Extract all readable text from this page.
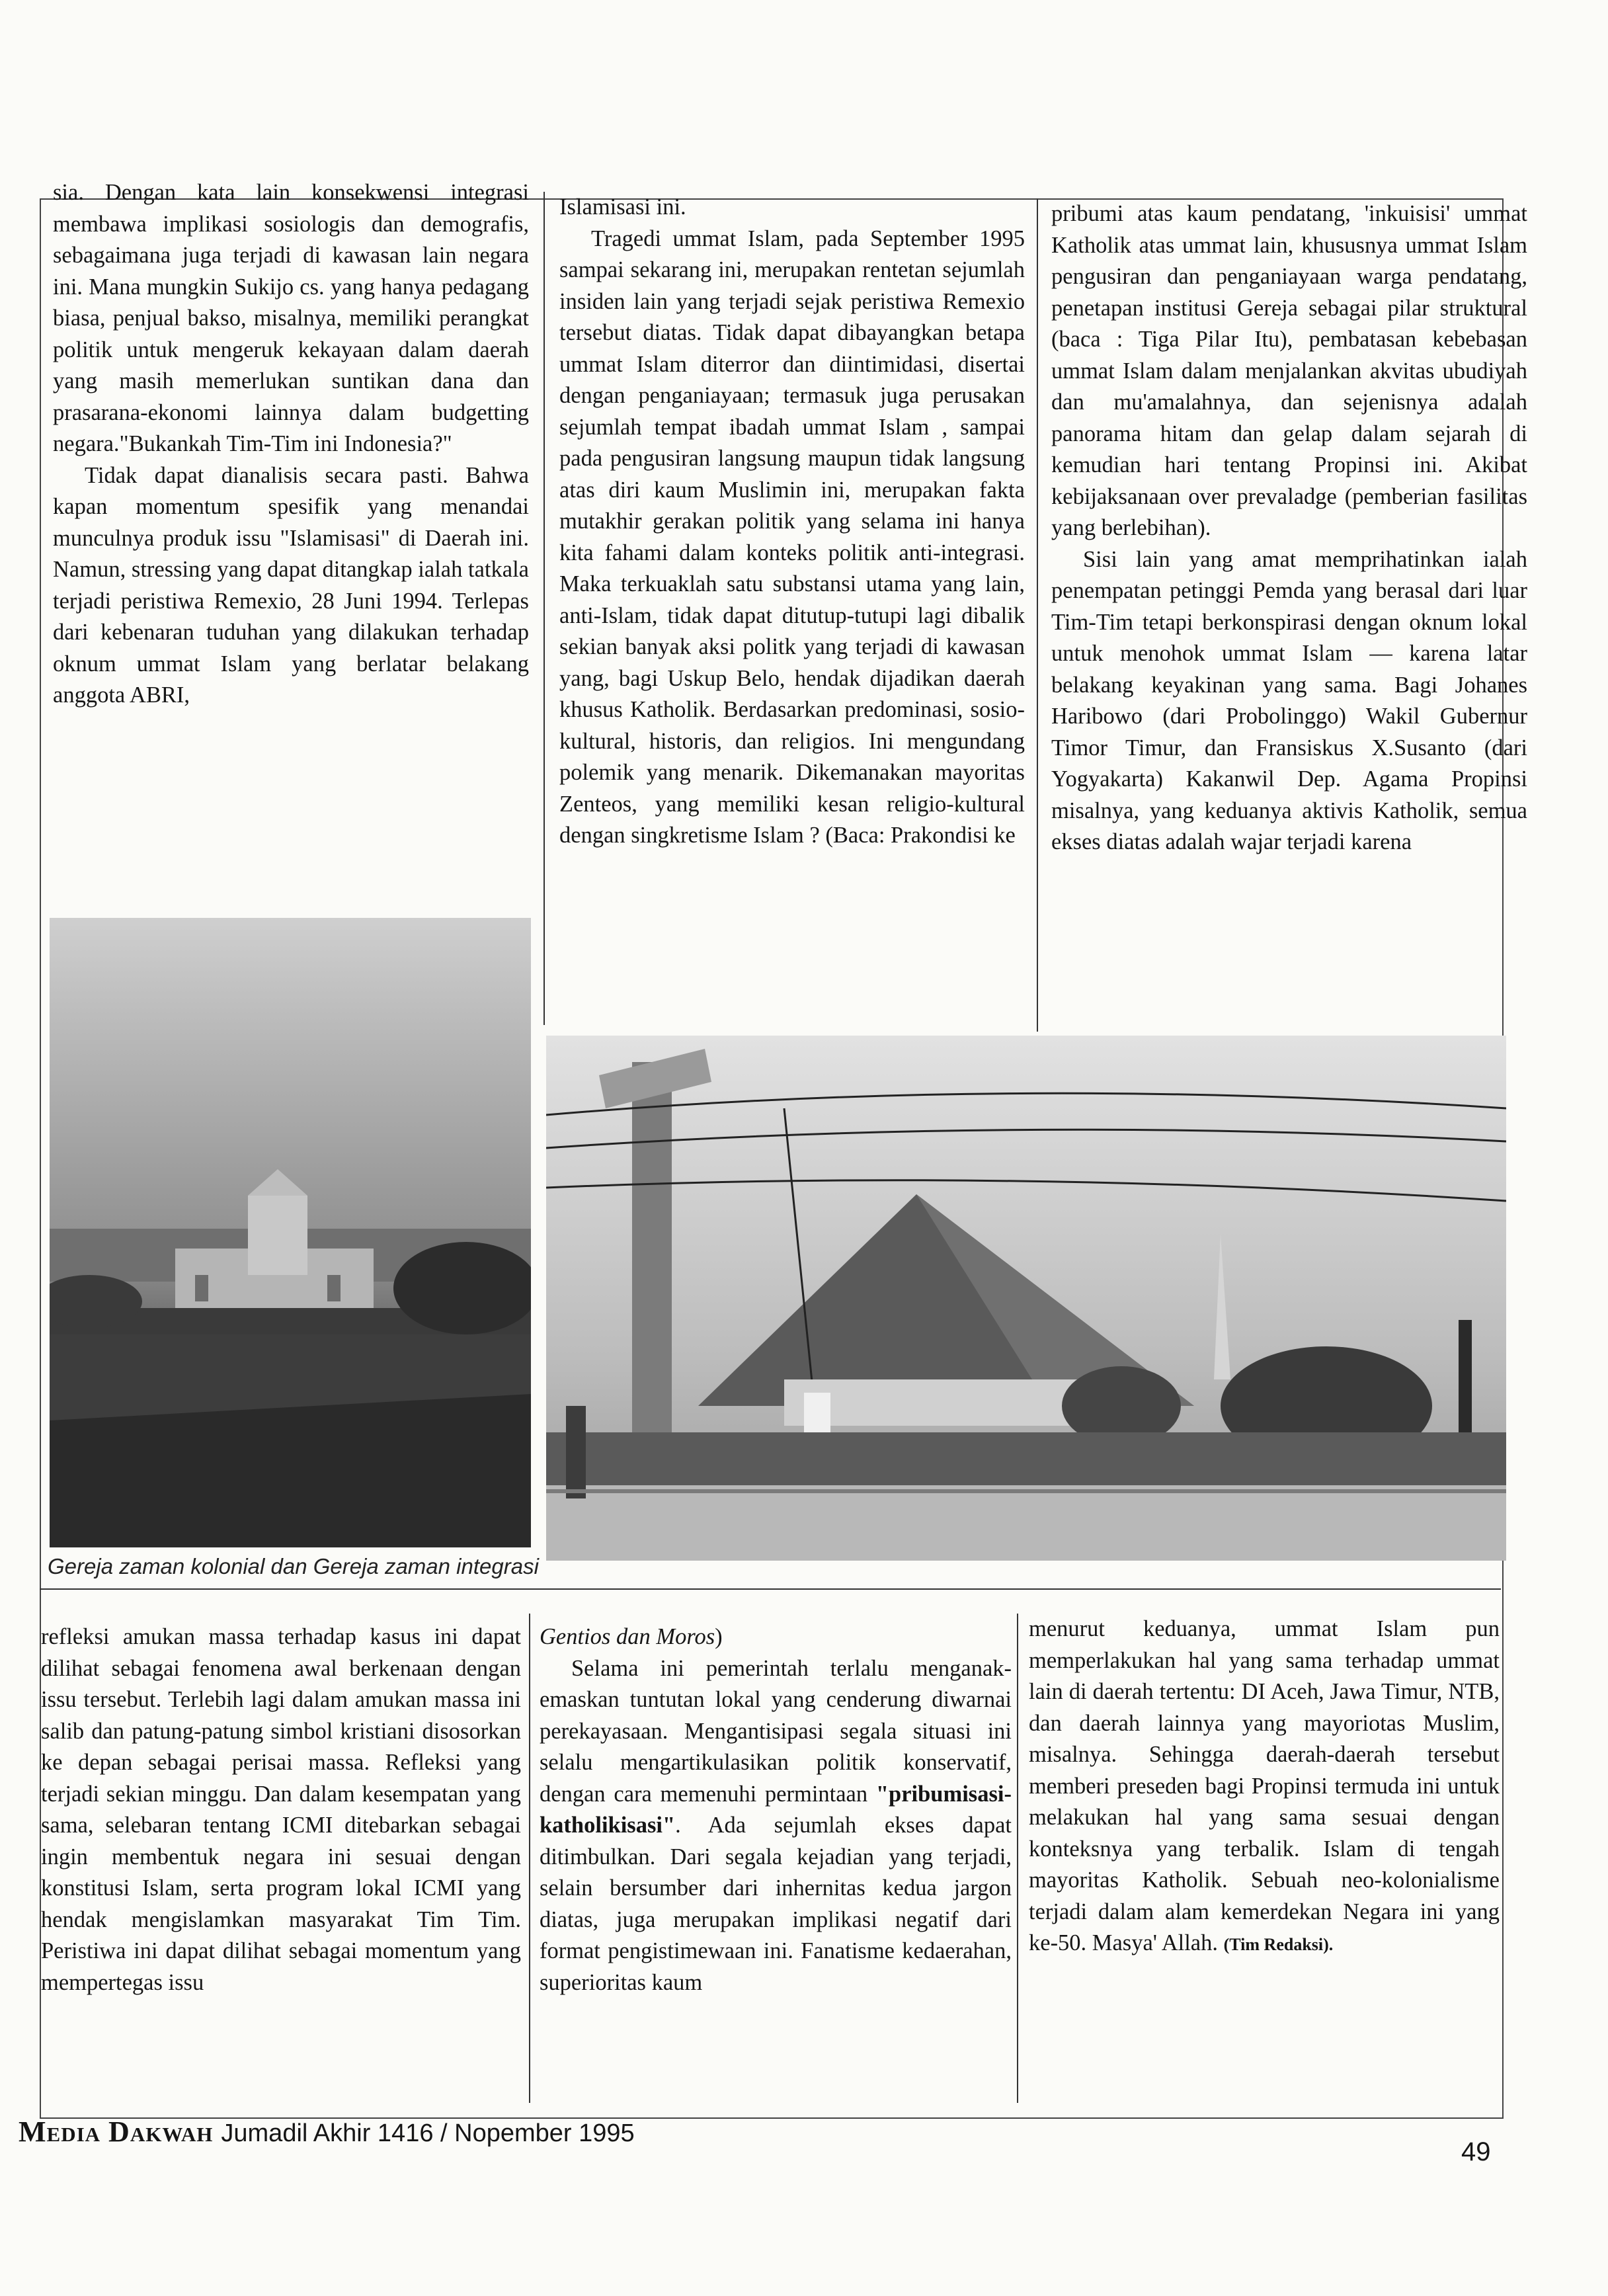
sia. Dengan kata lain konsekwensi integrasi membawa implikasi sosiologis dan demografis, sebagaimana juga terjadi di kawasan lain negara ini. Mana mungkin Sukijo cs. yang hanya pedagang biasa, penjual bakso, misalnya, memiliki perangkat politik untuk mengeruk kekayaan dalam daerah yang masih memerlukan suntikan dana dan prasarana-ekonomi lainnya dalam budgetting negara."Bukankah Tim-Tim ini Indonesia?"

Tidak dapat dianalisis secara pasti. Bahwa kapan momentum spesifik yang menandai munculnya produk issu "Islamisasi" di Daerah ini. Namun, stressing yang dapat ditangkap ialah tatkala terjadi peristiwa Remexio, 28 Juni 1994. Terlepas dari kebenaran tuduhan yang dilakukan terhadap oknum ummat Islam yang berlatar belakang anggota ABRI,

Islamisasi ini.

Tragedi ummat Islam, pada September 1995 sampai sekarang ini, merupakan rentetan sejumlah insiden lain yang terjadi sejak peristiwa Remexio tersebut diatas. Tidak dapat dibayangkan betapa ummat Islam diterror dan diintimidasi, disertai dengan penganiayaan; termasuk juga perusakan sejumlah tempat ibadah ummat Islam , sampai pada pengusiran langsung maupun tidak langsung atas diri kaum Muslimin ini, merupakan fakta mutakhir gerakan politik yang selama ini hanya kita fahami dalam konteks politik anti-integrasi. Maka terkuaklah satu substansi utama yang lain, anti-Islam, tidak dapat ditutup-tutupi lagi dibalik sekian banyak aksi politk yang terjadi di kawasan yang, bagi Uskup Belo, hendak dijadikan daerah khusus Katholik. Berdasarkan predominasi, sosio-kultural, historis, dan religios. Ini mengundang polemik yang menarik. Dikemanakan mayoritas Zenteos, yang memiliki kesan religio-kultural dengan singkretisme Islam ? (Baca: Prakondisi ke

pribumi atas kaum pendatang, 'inkuisisi' ummat Katholik atas ummat lain, khususnya ummat Islam pengusiran dan penganiayaan warga pendatang, penetapan institusi Gereja sebagai pilar struktural (baca : Tiga Pilar Itu), pembatasan kebebasan ummat Islam dalam menjalankan akvitas ubudiyah dan mu'amalahnya, dan sejenisnya adalah panorama hitam dan gelap dalam sejarah di kemudian hari tentang Propinsi ini. Akibat kebijaksanaan over prevaladge (pemberian fasilitas yang berlebihan).

Sisi lain yang amat memprihatinkan ialah penempatan petinggi Pemda yang berasal dari luar Tim-Tim tetapi berkonspirasi dengan oknum lokal untuk menohok ummat Islam — karena latar belakang keyakinan yang sama. Bagi Johanes Haribowo (dari Probolinggo) Wakil Gubernur Timor Timur, dan Fransiskus X.Susanto (dari Yogyakarta) Kakanwil Dep. Agama Propinsi misalnya, yang keduanya aktivis Katholik, semua ekses diatas adalah wajar terjadi karena

Gereja zaman kolonial dan Gereja zaman integrasi

refleksi amukan massa terhadap kasus ini dapat dilihat sebagai fenomena awal berkenaan dengan issu tersebut. Terlebih lagi dalam amukan massa ini salib dan patung-patung simbol kristiani disosorkan ke depan sebagai perisai massa. Refleksi yang terjadi sekian minggu. Dan dalam kesempatan yang sama, selebaran tentang ICMI ditebarkan sebagai ingin membentuk negara ini sesuai dengan konstitusi Islam, serta program lokal ICMI yang hendak mengislamkan masyarakat Tim Tim. Peristiwa ini dapat dilihat sebagai momentum yang mempertegas issu

Gentios dan Moros)

Selama ini pemerintah terlalu menganak-emaskan tuntutan lokal yang cenderung diwarnai perekayasaan. Mengantisipasi segala situasi ini selalu mengartikulasikan politik konservatif, dengan cara memenuhi permintaan "pribumisasi-katholikisasi". Ada sejumlah ekses dapat ditimbulkan. Dari segala kejadian yang terjadi, selain bersumber dari inhernitas kedua jargon diatas, juga merupakan implikasi negatif dari format pengistimewaan ini. Fanatisme kedaerahan, superioritas kaum

menurut keduanya, ummat Islam pun memperlakukan hal yang sama terhadap ummat lain di daerah tertentu: DI Aceh, Jawa Timur, NTB, dan daerah lainnya yang mayoriotas Muslim, misalnya. Sehingga daerah-daerah tersebut memberi preseden bagi Propinsi termuda ini untuk melakukan hal yang sama sesuai dengan konteksnya yang terbalik. Islam di tengah mayoritas Katholik. Sebuah neo-kolonialisme terjadi dalam alam kemerdekan Negara ini yang ke-50. Masya' Allah. (Tim Redaksi).

Media Dakwah Jumadil Akhir 1416 / Nopember 1995
49
